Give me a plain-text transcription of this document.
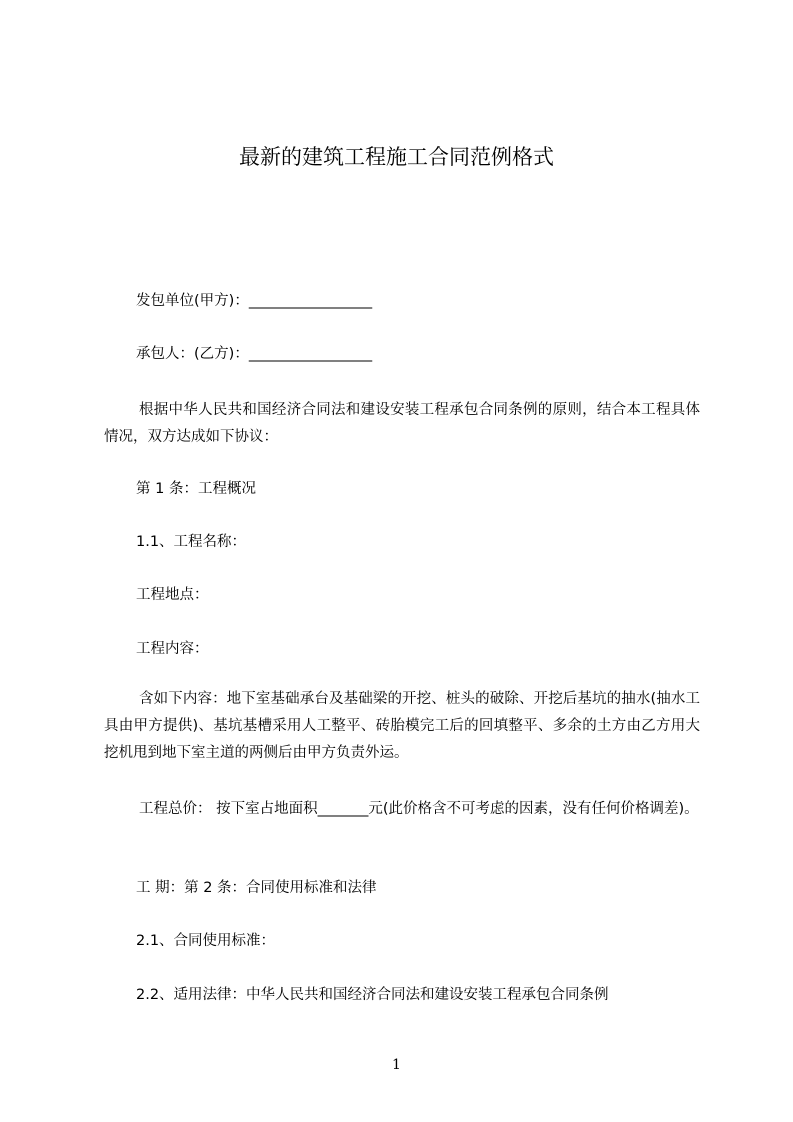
最新的建筑工程施工合同范例格式
发包单位(甲方)：_________________
承包人：(乙方)：_________________
根据中华人民共和国经济合同法和建设安装工程承包合同条例的原则，结合本工程具体情况，双方达成如下协议：
第 1 条：工程概况
1.1、工程名称：
工程地点：
工程内容：
含如下内容：地下室基础承台及基础梁的开挖、桩头的破除、开挖后基坑的抽水(抽水工具由甲方提供)、基坑基槽采用人工整平、砖胎模完工后的回填整平、多余的土方由乙方用大挖机甩到地下室主道的两侧后由甲方负责外运。
工程总价： 按下室占地面积_______元(此价格含不可考虑的因素，没有任何价格调差)。
工 期：第 2 条：合同使用标准和法律
2.1、合同使用标准：
2.2、适用法律：中华人民共和国经济合同法和建设安装工程承包合同条例
1
